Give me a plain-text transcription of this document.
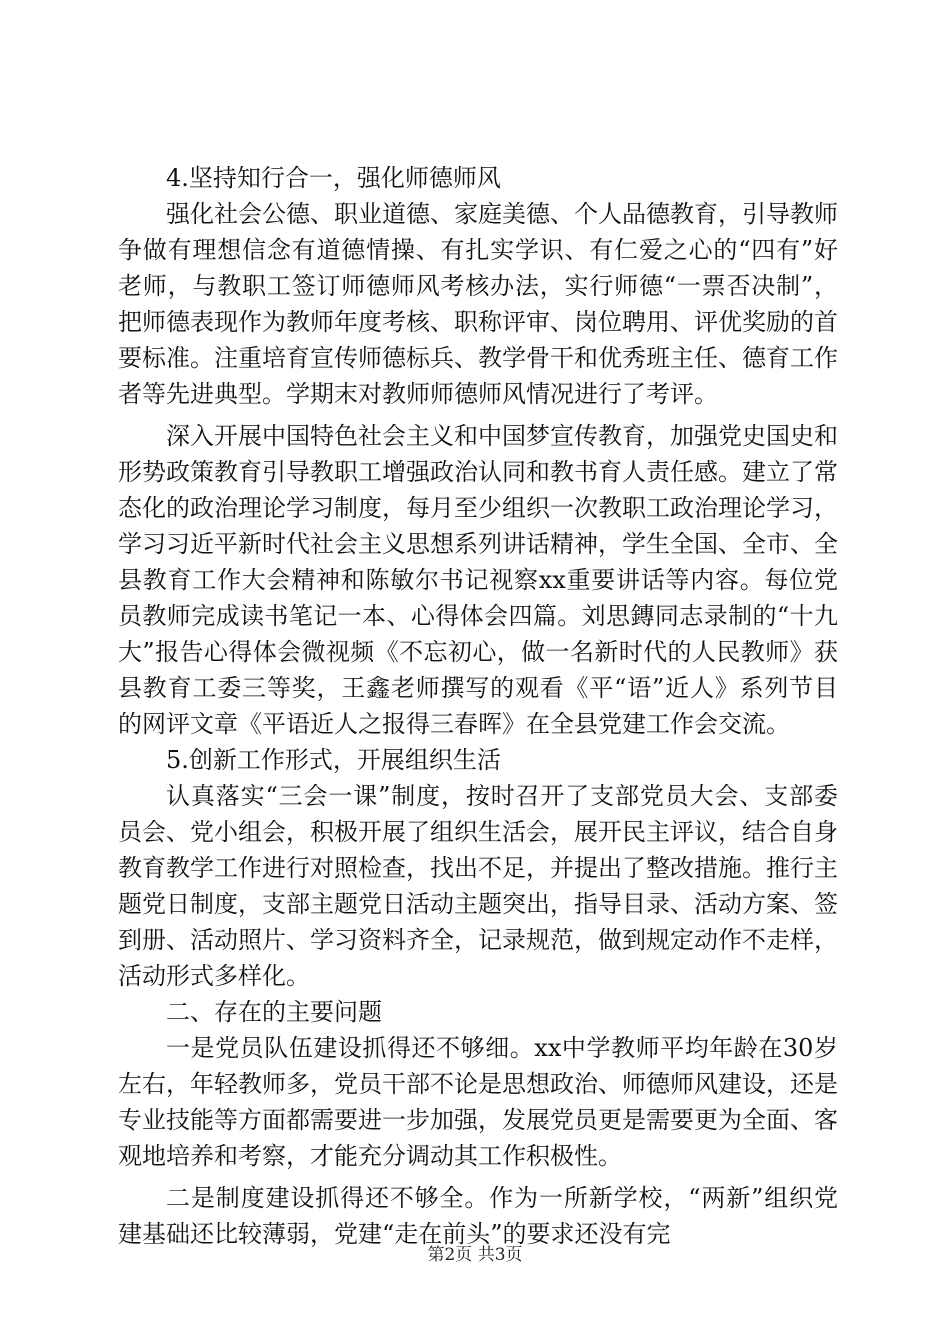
4.坚持知行合一，强化师德师风

强化社会公德、职业道德、家庭美德、个人品德教育，引导教师争做有理想信念有道德情操、有扎实学识、有仁爱之心的“四有”好老师，与教职工签订师德师风考核办法，实行师德“一票否决制”，把师德表现作为教师年度考核、职称评审、岗位聘用、评优奖励的首要标准。注重培育宣传师德标兵、教学骨干和优秀班主任、德育工作者等先进典型。学期末对教师师德师风情况进行了考评。

深入开展中国特色社会主义和中国梦宣传教育，加强党史国史和形势政策教育引导教职工增强政治认同和教书育人责任感。建立了常态化的政治理论学习制度，每月至少组织一次教职工政治理论学习，学习习近平新时代社会主义思想系列讲话精神，学生全国、全市、全县教育工作大会精神和陈敏尔书记视察xx重要讲话等内容。每位党员教师完成读书笔记一本、心得体会四篇。刘思鏄同志录制的“十九大”报告心得体会微视频《不忘初心，做一名新时代的人民教师》获县教育工委三等奖，王鑫老师撰写的观看《平“语”近人》系列节目的网评文章《平语近人之报得三春晖》在全县党建工作会交流。

5.创新工作形式，开展组织生活

认真落实“三会一课”制度，按时召开了支部党员大会、支部委员会、党小组会，积极开展了组织生活会，展开民主评议，结合自身教育教学工作进行对照检查，找出不足，并提出了整改措施。推行主题党日制度，支部主题党日活动主题突出，指导目录、活动方案、签到册、活动照片、学习资料齐全，记录规范，做到规定动作不走样，活动形式多样化。

二、存在的主要问题

一是党员队伍建设抓得还不够细。xx中学教师平均年龄在30岁左右，年轻教师多，党员干部不论是思想政治、师德师风建设，还是专业技能等方面都需要进一步加强，发展党员更是需要更为全面、客观地培养和考察，才能充分调动其工作积极性。

二是制度建设抓得还不够全。作为一所新学校，“两新”组织党建基础还比较薄弱，党建“走在前头”的要求还没有完

第2页 共3页
